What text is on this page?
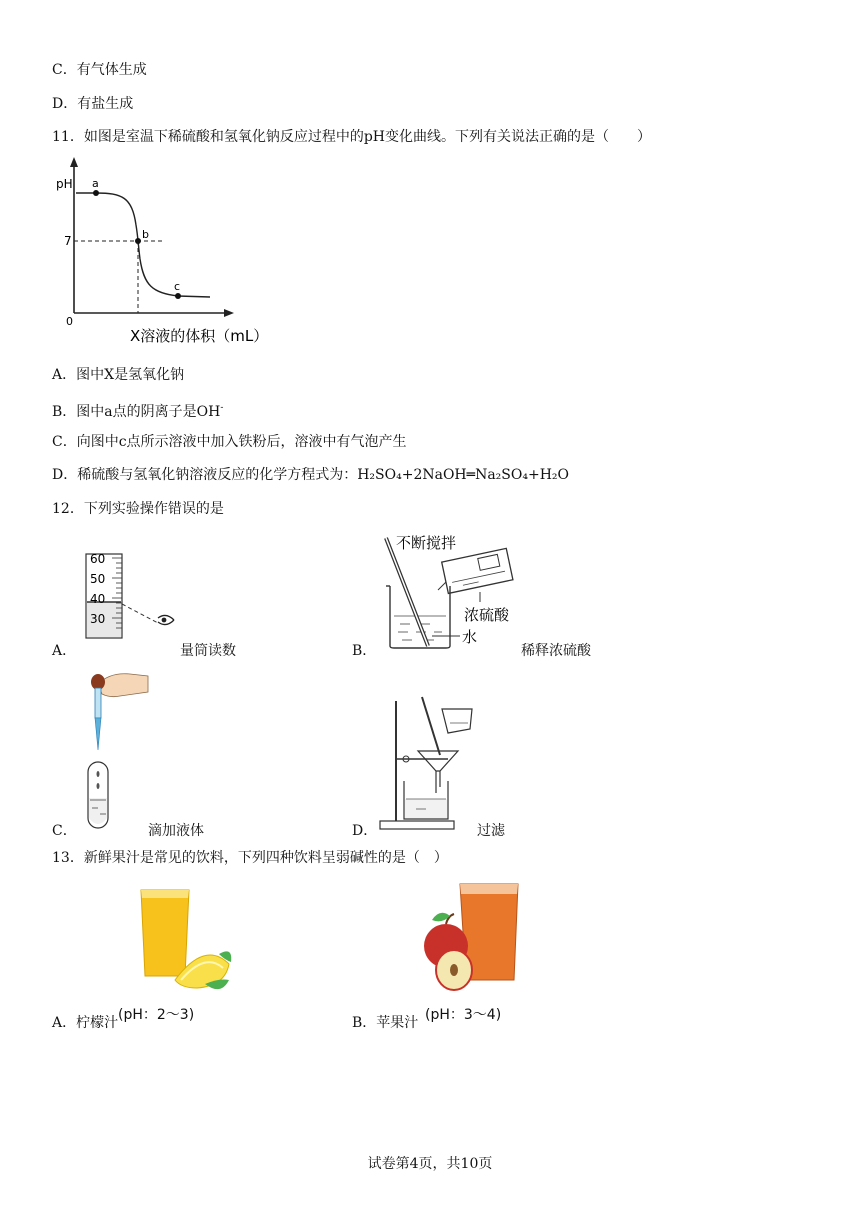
C．有气体生成
D．有盐生成
11．如图是室温下稀硫酸和氢氧化钠反应过程中的pH变化曲线。下列有关说法正确的是（　　）
pH
7
0
a
b
c
X溶液的体积（mL）
A．图中X是氢氧化钠
B．图中a点的阴离子是OH-
C．向图中c点所示溶液中加入铁粉后，溶液中有气泡产生
D．稀硫酸与氢氧化钠溶液反应的化学方程式为：H₂SO₄+2NaOH═Na₂SO₄+H₂O
12．下列实验操作错误的是
60
50
40
30
A．	量筒读数
不断搅拌
浓硫酸
水
B．	稀释浓硫酸
C．	滴加液体	D．	过滤
13．新鲜果汁是常见的饮料，下列四种饮料呈弱碱性的是（　）
A．柠檬汁 (pH：2～3)	B．苹果汁 (pH：3～4)
试卷第4页，共10页
